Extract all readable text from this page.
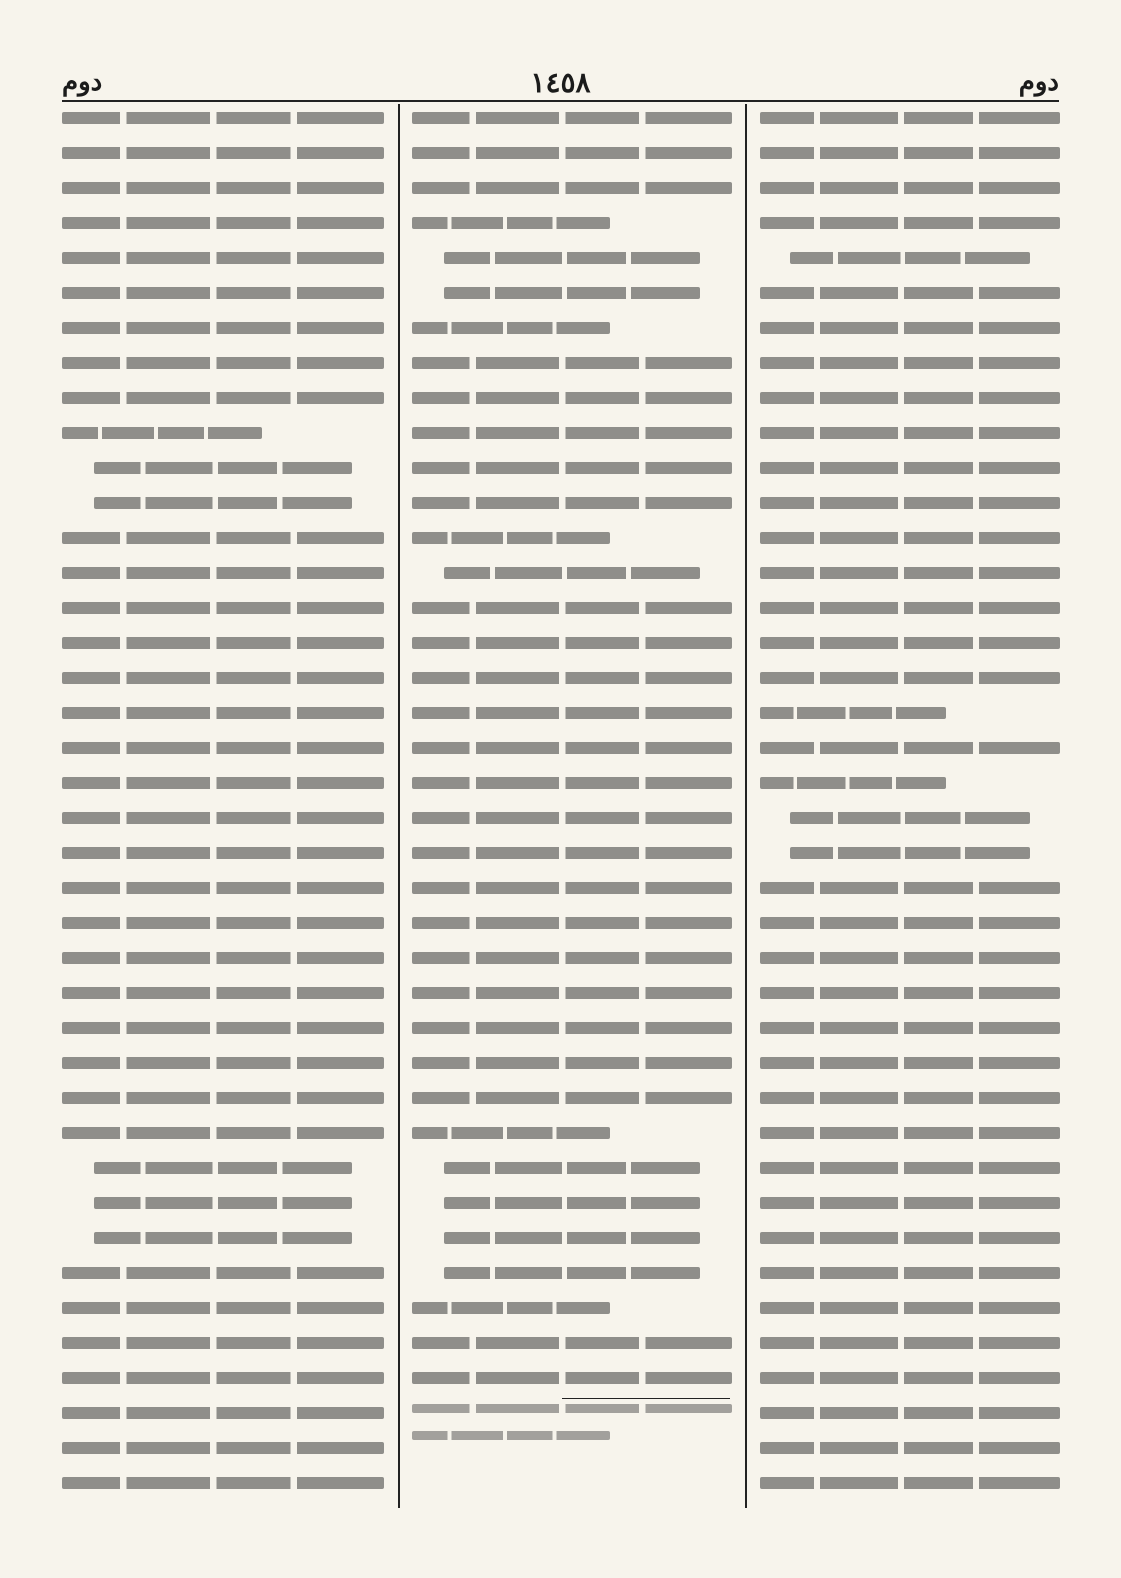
دوم
١٤٥٨
دوم
